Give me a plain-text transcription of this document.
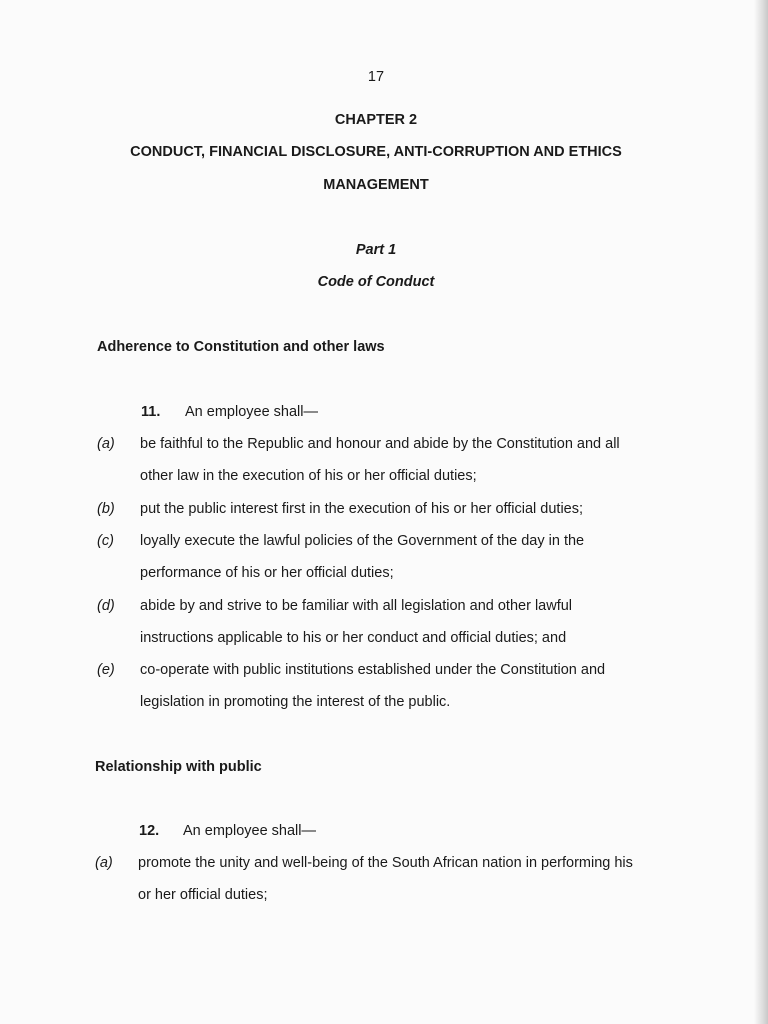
17
CHAPTER 2
CONDUCT, FINANCIAL DISCLOSURE, ANTI-CORRUPTION AND ETHICS
MANAGEMENT
Part 1
Code of Conduct
Adherence to Constitution and other laws
11. An employee shall—
(a) be faithful to the Republic and honour and abide by the Constitution and all
other law in the execution of his or her official duties;
(b) put the public interest first in the execution of his or her official duties;
(c) loyally execute the lawful policies of the Government of the day in the
performance of his or her official duties;
(d) abide by and strive to be familiar with all legislation and other lawful
instructions applicable to his or her conduct and official duties; and
(e) co-operate with public institutions established under the Constitution and
legislation in promoting the interest of the public.
Relationship with public
12. An employee shall—
(a) promote the unity and well-being of the South African nation in performing his
or her official duties;
